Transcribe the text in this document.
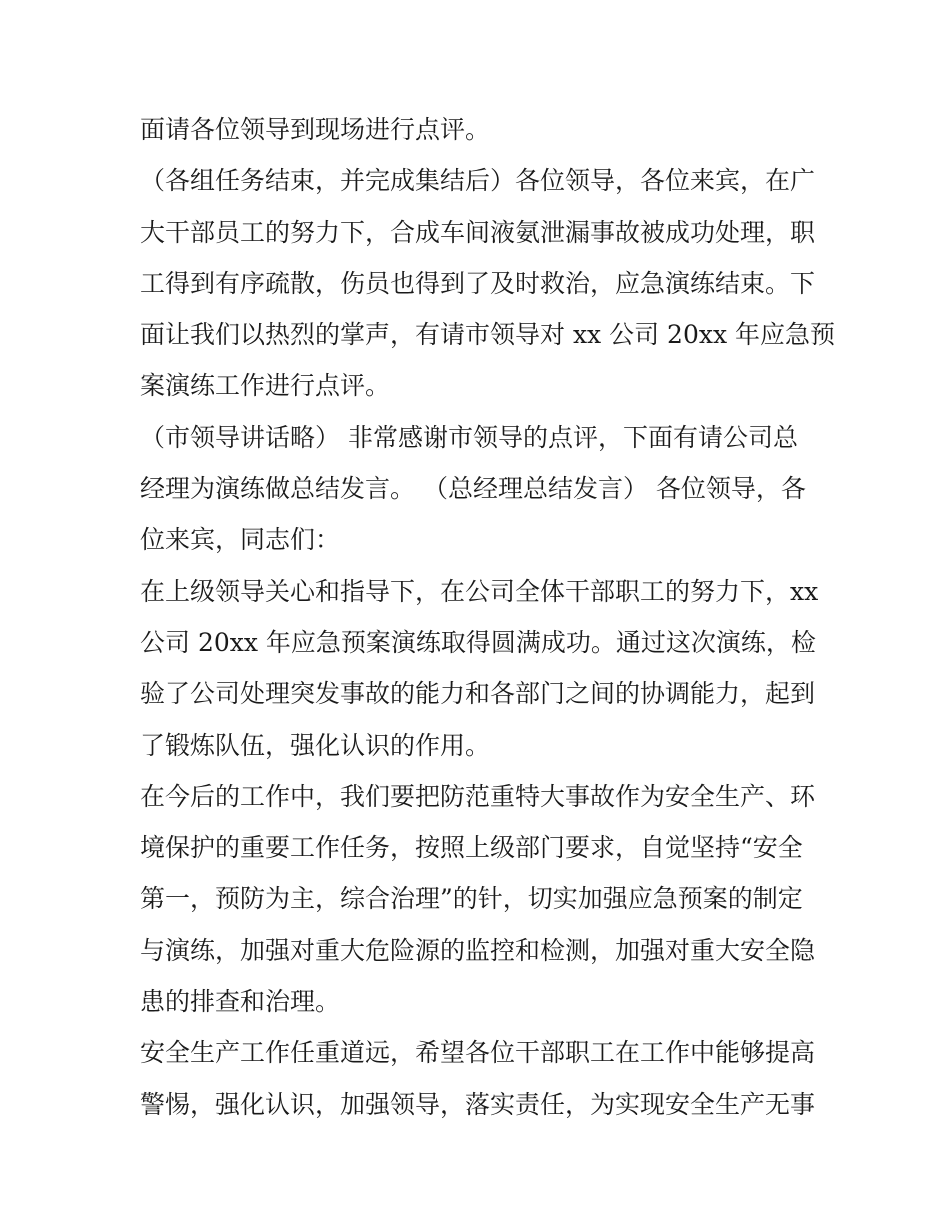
面请各位领导到现场进行点评。
（各组任务结束，并完成集结后）各位领导，各位来宾，在广
大干部员工的努力下，合成车间液氨泄漏事故被成功处理，职
工得到有序疏散，伤员也得到了及时救治，应急演练结束。下
面让我们以热烈的掌声，有请市领导对 xx 公司 20xx 年应急预
案演练工作进行点评。
（市领导讲话略） 非常感谢市领导的点评，下面有请公司总
经理为演练做总结发言。 （总经理总结发言） 各位领导，各
位来宾，同志们：
在上级领导关心和指导下，在公司全体干部职工的努力下，xx
公司 20xx 年应急预案演练取得圆满成功。通过这次演练，检
验了公司处理突发事故的能力和各部门之间的协调能力，起到
了锻炼队伍，强化认识的作用。
在今后的工作中，我们要把防范重特大事故作为安全生产、环
境保护的重要工作任务，按照上级部门要求，自觉坚持“安全
第一，预防为主，综合治理”的针，切实加强应急预案的制定
与演练，加强对重大危险源的监控和检测，加强对重大安全隐
患的排查和治理。
安全生产工作任重道远，希望各位干部职工在工作中能够提高
警惕，强化认识，加强领导，落实责任，为实现安全生产无事
